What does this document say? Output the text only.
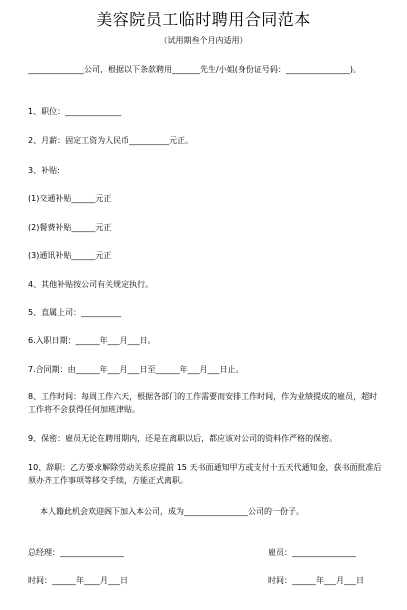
美容院员工临时聘用合同范本
（试用期叁个月内适用）
______________公司，根据以下条款聘用_______先生/小姐(身份证号码：________________)。
1、职位：______________
2、月薪：固定工资为人民币__________元正。
3、补贴:
(1)交通补贴______元正
(2)餐费补贴______元正
(3)通讯补贴______元正
4、其他补贴按公司有关规定执行。
5、直属上司：__________
6.入职日期：______年___月___日。
7.合同期：由______年___月___日至______年___月___日止。
8、工作时间：每周工作六天，根据各部门的工作需要而安排工作时间，作为业绩提成的雇员，超时工作将不会获得任何加班津贴。
9、保密：雇员无论在聘用期内，还是在离职以后，都应该对公司的资料作严格的保密。
10、辞职：乙方要求解除劳动关系应提前 15 天书面通知甲方或支付十五天代通知金，获书面批准后须办齐工作事项等移交手续，方能正式离职。
本人籍此机会欢迎阁下加入本公司，成为________________公司的一份子。
总经理：________________	雇员：________________
时间：______年____月___日	时间：______年___月___日
